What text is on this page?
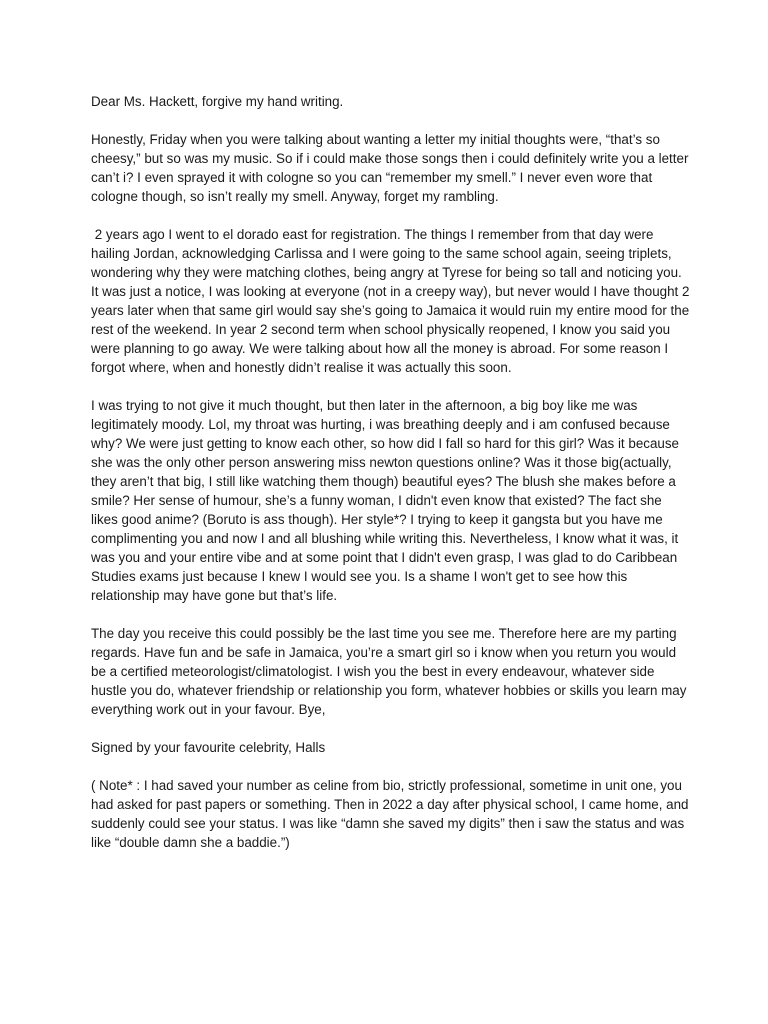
Dear Ms. Hackett, forgive my hand writing.

Honestly, Friday when you were talking about wanting a letter my initial thoughts were, “that’s so cheesy,” but so was my music. So if i could make those songs then i could definitely write you a letter can’t i? I even sprayed it with cologne so you can “remember my smell.” I never even wore that cologne though, so isn’t really my smell. Anyway, forget my rambling.

2 years ago I went to el dorado east for registration. The things I remember from that day were hailing Jordan, acknowledging Carlissa and I were going to the same school again, seeing triplets, wondering why they were matching clothes, being angry at Tyrese for being so tall and noticing you. It was just a notice, I was looking at everyone (not in a creepy way), but never would I have thought 2 years later when that same girl would say she’s going to Jamaica it would ruin my entire mood for the rest of the weekend. In year 2 second term when school physically reopened, I know you said you were planning to go away. We were talking about how all the money is abroad. For some reason I forgot where, when and honestly didn’t realise it was actually this soon.

I was trying to not give it much thought, but then later in the afternoon, a big boy like me was legitimately moody. Lol, my throat was hurting, i was breathing deeply and i am confused because why? We were just getting to know each other, so how did I fall so hard for this girl? Was it because she was the only other person answering miss newton questions online? Was it those big(actually, they aren’t that big, I still like watching them though) beautiful eyes? The blush she makes before a smile? Her sense of humour, she’s a funny woman, I didn't even know that existed? The fact she likes good anime? (Boruto is ass though). Her style*? I trying to keep it gangsta but you have me complimenting you and now I and all blushing while writing this. Nevertheless, I know what it was, it was you and your entire vibe and at some point that I didn't even grasp, I was glad to do Caribbean Studies exams just because I knew I would see you. Is a shame I won't get to see how this relationship may have gone but that’s life.

The day you receive this could possibly be the last time you see me. Therefore here are my parting regards. Have fun and be safe in Jamaica, you’re a smart girl so i know when you return you would be a certified meteorologist/climatologist. I wish you the best in every endeavour, whatever side hustle you do, whatever friendship or relationship you form, whatever hobbies or skills you learn may everything work out in your favour. Bye,

Signed by your favourite celebrity, Halls

( Note* : I had saved your number as celine from bio, strictly professional, sometime in unit one, you had asked for past papers or something. Then in 2022 a day after physical school, I came home, and suddenly could see your status. I was like “damn she saved my digits” then i saw the status and was like “double damn she a baddie.”)
